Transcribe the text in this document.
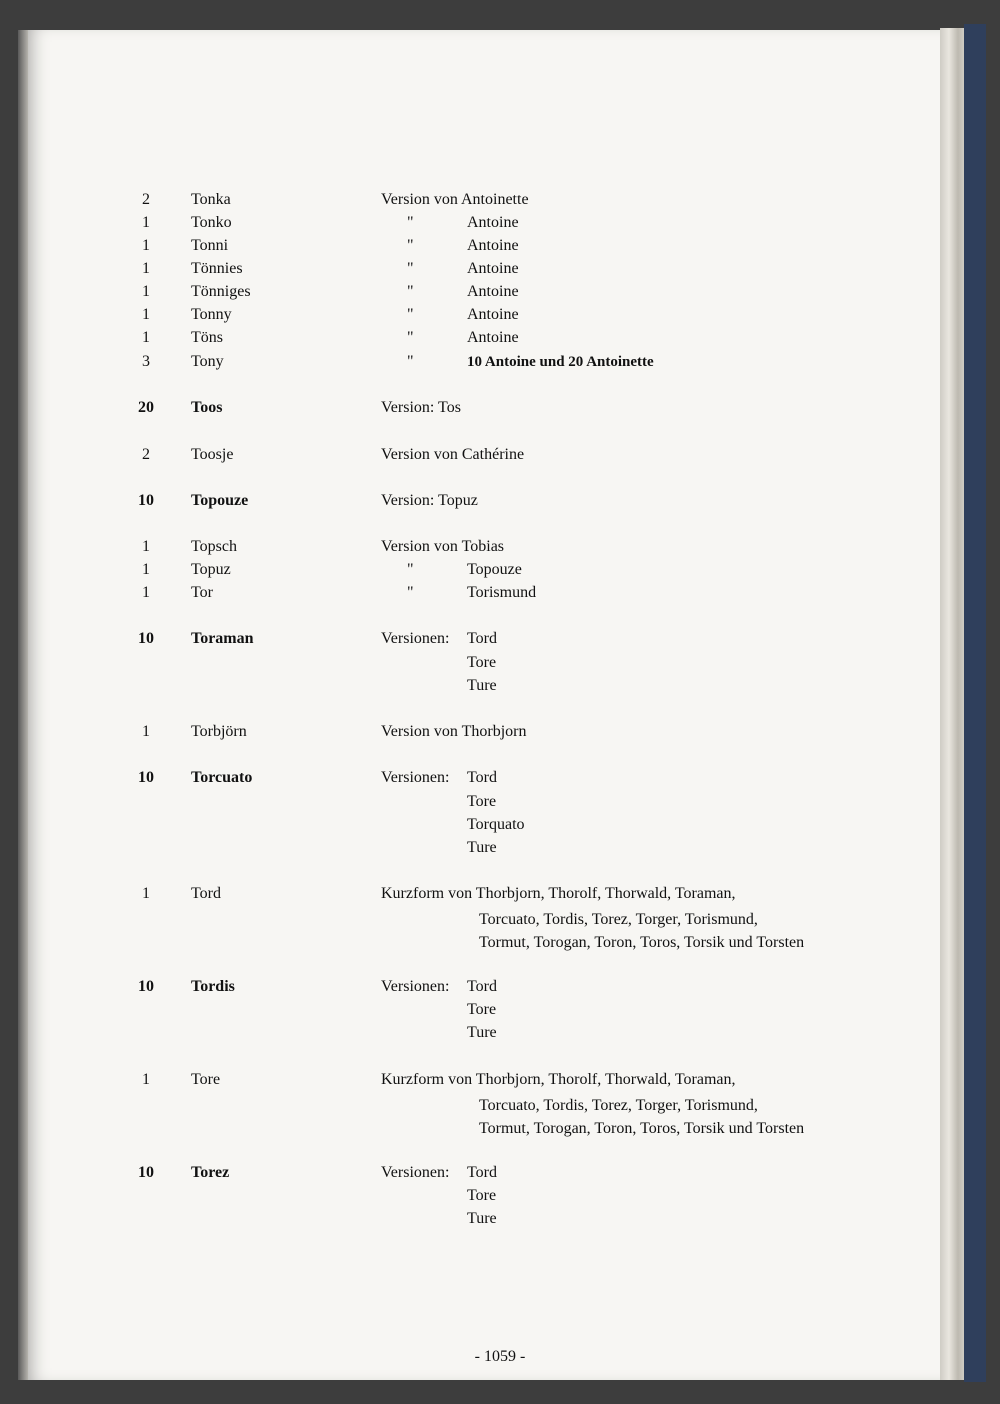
2	Tonka	Version von Antoinette
1	Tonko	"	Antoine
1	Tonni	"	Antoine
1	Tönnies	"	Antoine
1	Tönniges	"	Antoine
1	Tonny	"	Antoine
1	Töns	"	Antoine
3	Tony	"	10 Antoine und 20 Antoinette
20	Toos	Version: Tos
2	Toosje	Version von Cathérine
10	Topouze	Version: Topuz
1	Topsch	Version von Tobias
1	Topuz	"	Topouze
1	Tor	"	Torismund
10	Toraman	Versionen: Tord
Tore
Ture
1	Torbjörn	Version von Thorbjorn
10	Torcuato	Versionen: Tord
Tore
Torquato
Ture
1	Tord	Kurzform von Thorbjorn, Thorolf, Thorwald, Toraman,
Torcuato, Tordis, Torez, Torger, Torismund,
Tormut, Torogan, Toron, Toros, Torsik und Torsten
10	Tordis	Versionen: Tord
Tore
Ture
1	Tore	Kurzform von Thorbjorn, Thorolf, Thorwald, Toraman,
Torcuato, Tordis, Torez, Torger, Torismund,
Tormut, Torogan, Toron, Toros, Torsik und Torsten
10	Torez	Versionen: Tord
Tore
Ture
- 1059 -
